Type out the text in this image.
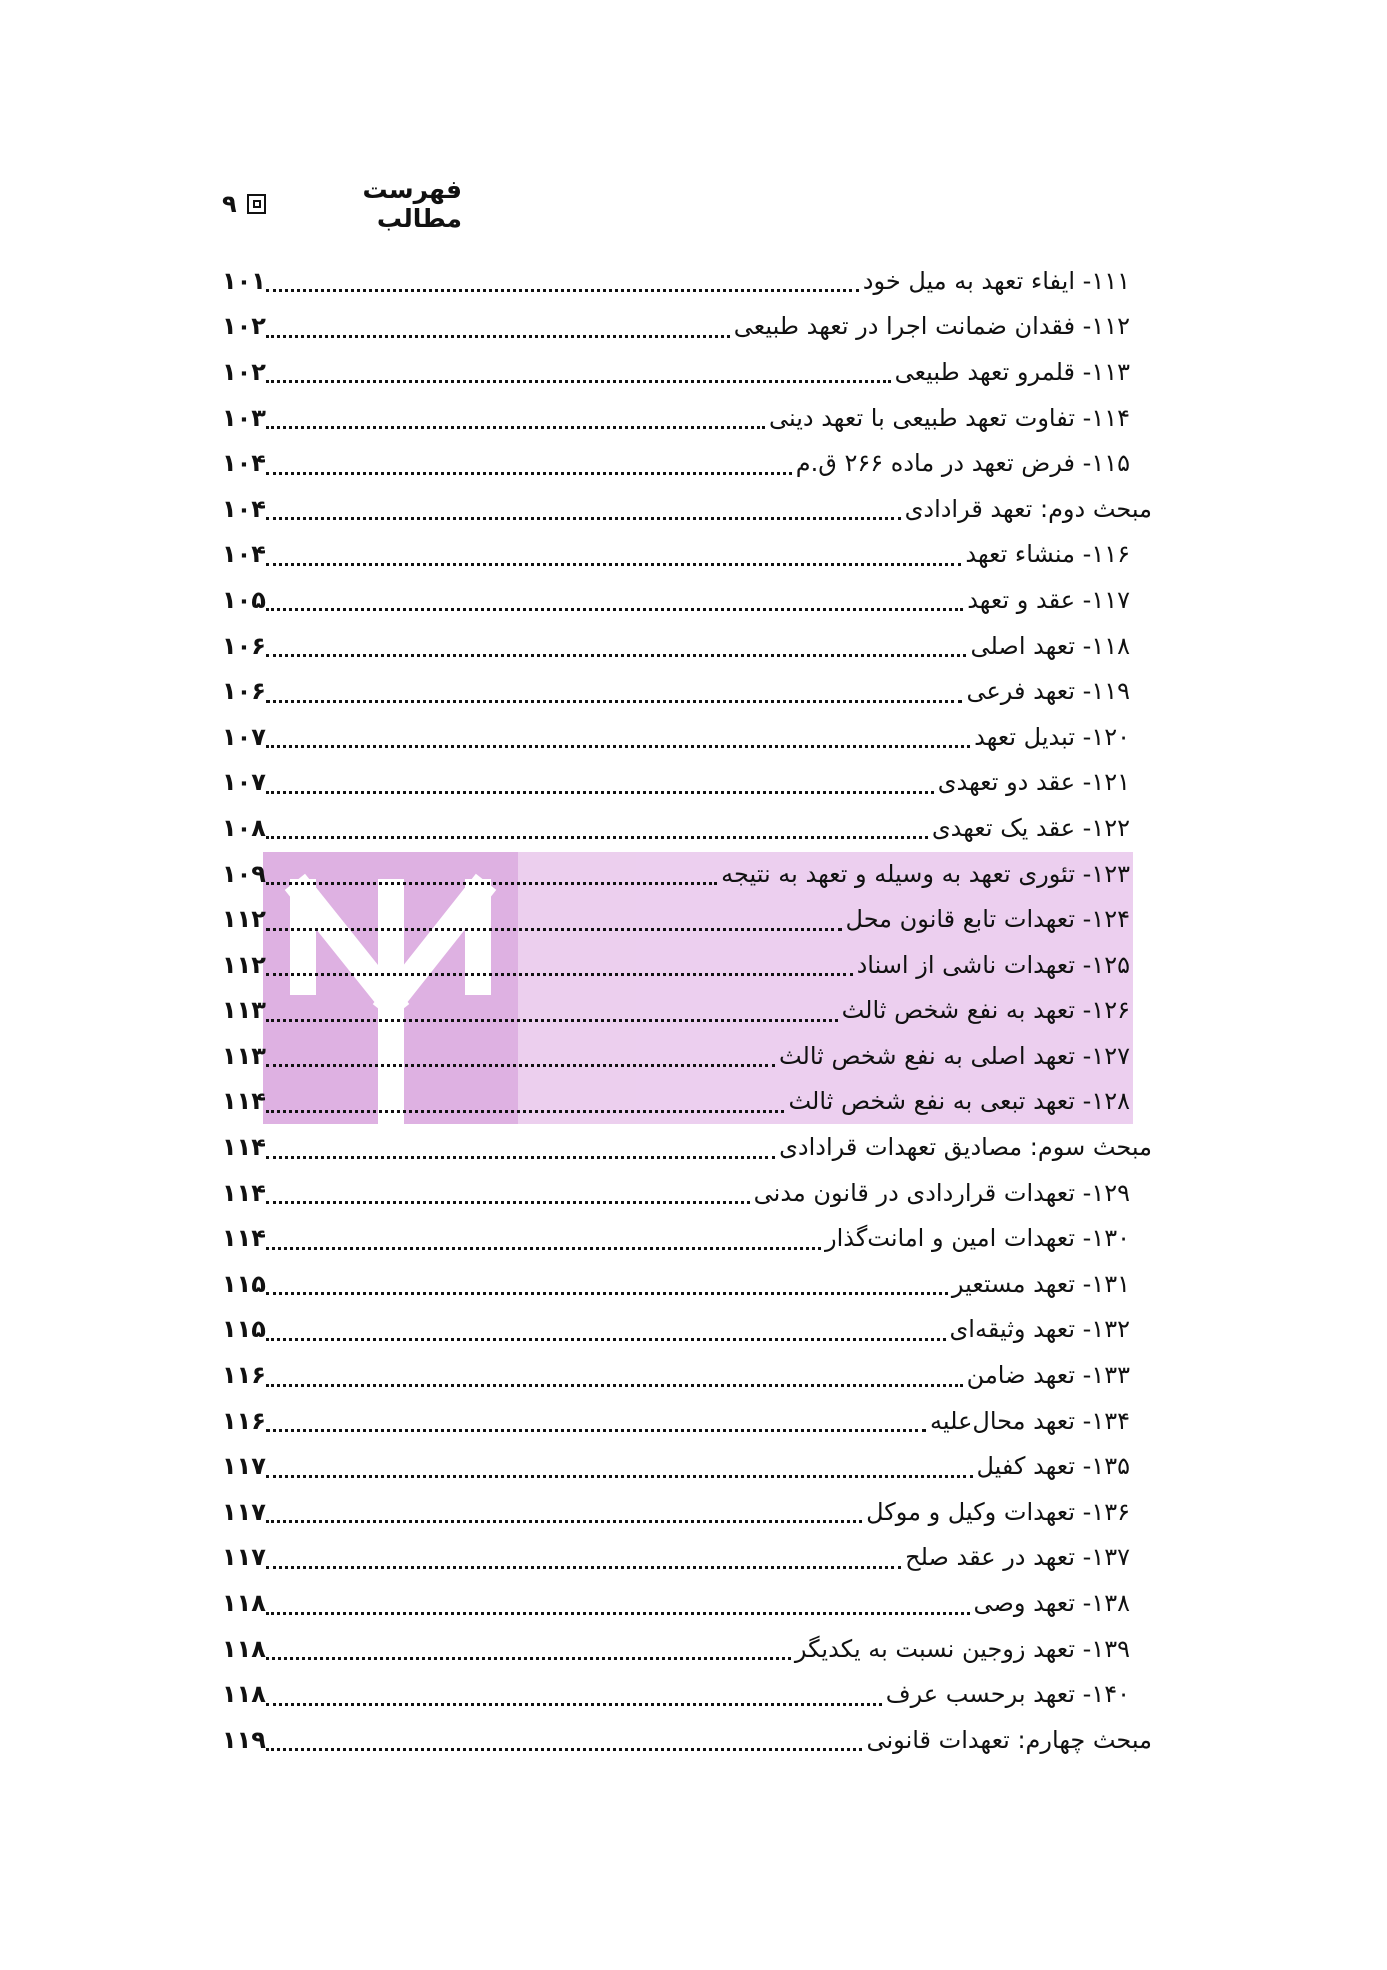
فهرست مطالب
۹
۱۰۱	۱۱۱- ایفاء تعهد به میل خود
۱۰۲	۱۱۲- فقدان ضمانت اجرا در تعهد طبیعی
۱۰۲	۱۱۳- قلمرو تعهد طبیعی
۱۰۳	۱۱۴- تفاوت تعهد طبیعی با تعهد دینی
۱۰۴	۱۱۵- فرض تعهد در ماده ۲۶۶ ق.م
۱۰۴	مبحث دوم: تعهد قرادادی
۱۰۴	۱۱۶- منشاء تعهد
۱۰۵	۱۱۷- عقد و تعهد
۱۰۶	۱۱۸- تعهد اصلی
۱۰۶	۱۱۹- تعهد فرعی
۱۰۷	۱۲۰- تبدیل تعهد
۱۰۷	۱۲۱- عقد دو تعهدی
۱۰۸	۱۲۲- عقد یک تعهدی
۱۰۹	۱۲۳- تئوری تعهد به وسیله و تعهد به نتیجه
۱۱۲	۱۲۴- تعهدات تابع قانون محل
۱۱۲	۱۲۵- تعهدات ناشی از اسناد
۱۱۳	۱۲۶- تعهد به نفع شخص ثالث
۱۱۳	۱۲۷- تعهد اصلی به نفع شخص ثالث
۱۱۴	۱۲۸- تعهد تبعی به نفع شخص ثالث
۱۱۴	مبحث سوم: مصادیق تعهدات قرادادی
۱۱۴	۱۲۹- تعهدات قراردادی در قانون مدنی
۱۱۴	۱۳۰- تعهدات امین و امانت‌گذار
۱۱۵	۱۳۱- تعهد مستعیر
۱۱۵	۱۳۲- تعهد وثیقه‌ای
۱۱۶	۱۳۳- تعهد ضامن
۱۱۶	۱۳۴- تعهد محال‌علیه
۱۱۷	۱۳۵- تعهد کفیل
۱۱۷	۱۳۶- تعهدات وکیل و موکل
۱۱۷	۱۳۷- تعهد در عقد صلح
۱۱۸	۱۳۸- تعهد وصی
۱۱۸	۱۳۹- تعهد زوجین نسبت به یکدیگر
۱۱۸	۱۴۰- تعهد برحسب عرف
۱۱۹	مبحث چهارم: تعهدات قانونی
